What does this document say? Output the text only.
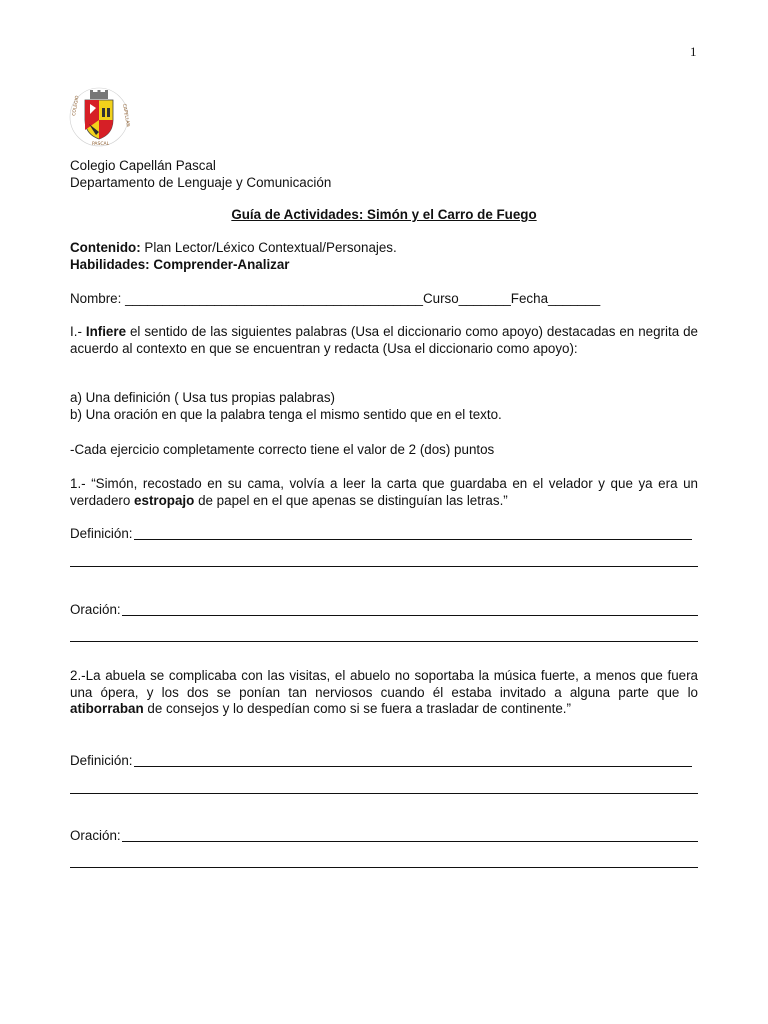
1
COLEGIO
PASCAL
CAPELLÁN
Colegio Capellán Pascal
Departamento de Lenguaje y Comunicación
Guía de Actividades: Simón y el Carro de Fuego
Contenido: Plan Lector/Léxico Contextual/Personajes.
Habilidades: Comprender-Analizar
Nombre: ________________________________________Curso_______Fecha_______
I.- Infiere el sentido de las siguientes palabras (Usa el diccionario como apoyo) destacadas en negrita de acuerdo al contexto en que se encuentran y redacta (Usa el diccionario como apoyo):
a) Una definición ( Usa tus propias palabras)
b) Una oración en que la palabra tenga el mismo sentido que en el texto.
-Cada ejercicio completamente correcto tiene el valor de 2 (dos) puntos
1.- “Simón, recostado en su cama, volvía a leer la carta que guardaba en el velador y que ya era un verdadero estropajo de papel en el que apenas se distinguían las letras.”
Definición:
Oración:
2.-La abuela se complicaba con las visitas, el abuelo no soportaba la música fuerte, a menos que fuera una ópera, y los dos se ponían tan nerviosos cuando él estaba invitado a alguna parte que lo atiborraban de consejos y lo despedían como si se fuera a trasladar de continente.”
Definición:
Oración:
